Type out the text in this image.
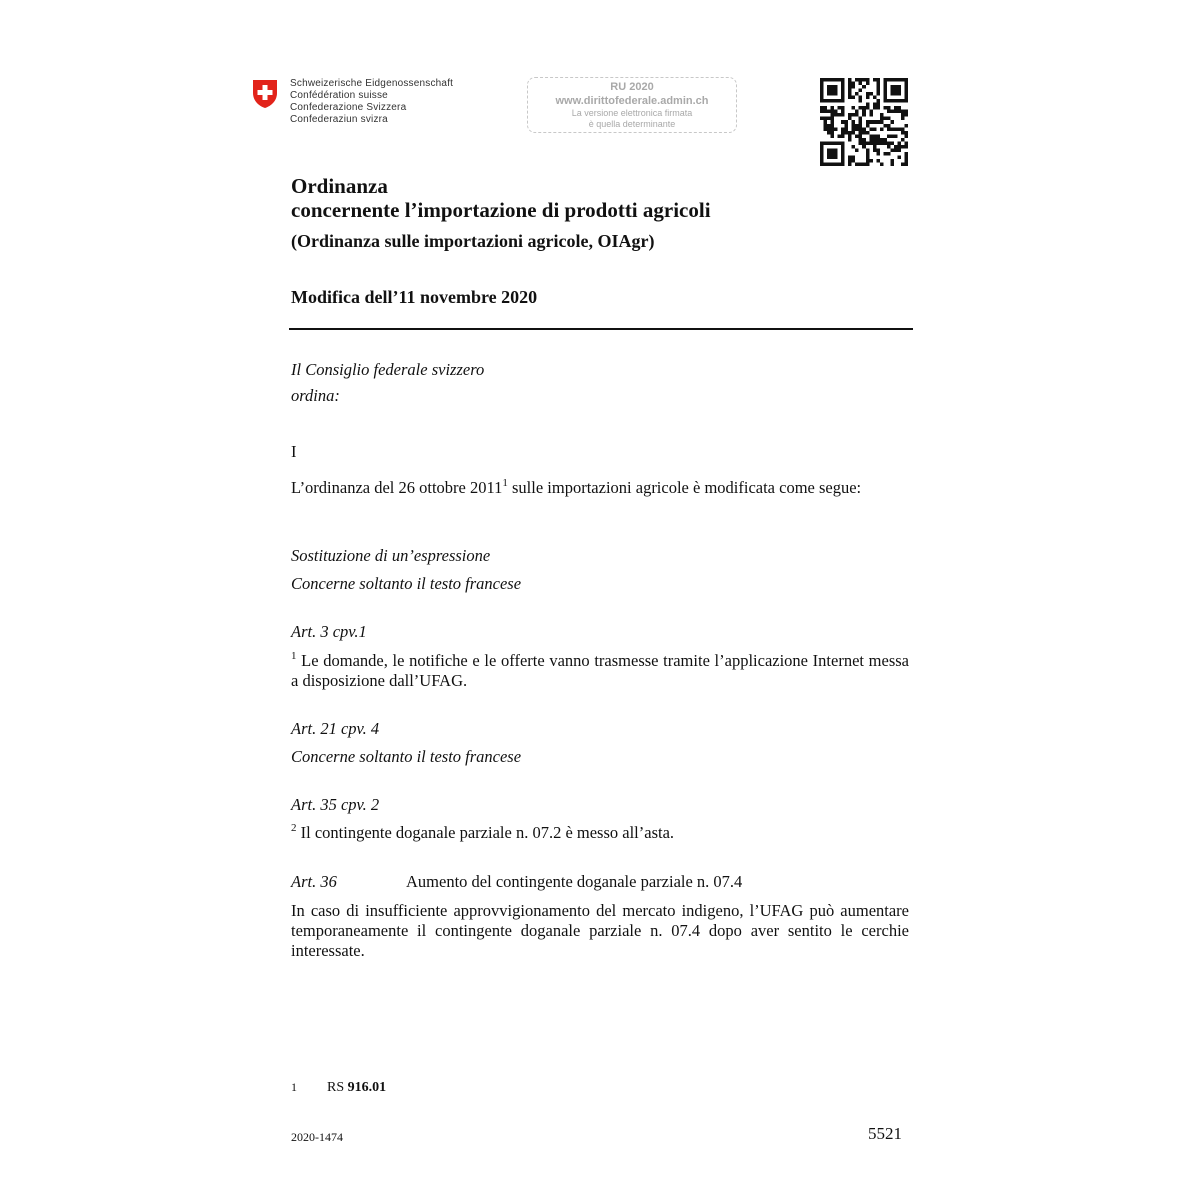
Schweizerische Eidgenossenschaft
Confédération suisse
Confederazione Svizzera
Confederaziun svizra
RU 2020
www.dirittofederale.admin.ch
La versione elettronica firmata
è quella determinante
Ordinanza
concernente l’importazione di prodotti agricoli
(Ordinanza sulle importazioni agricole, OIAgr)
Modifica dell’11 novembre 2020
Il Consiglio federale svizzero
ordina:
I
L’ordinanza del 26 ottobre 2011$^1$ sulle importazioni agricole è modificata come segue:
Sostituzione di un’espressione
Concerne soltanto il testo francese
Art. 3 cpv.1
$^1$ Le domande, le notifiche e le offerte vanno trasmesse tramite l’applicazione Internet messa a disposizione dall’UFAG.
Art. 21 cpv. 4
Concerne soltanto il testo francese
Art. 35 cpv. 2
$^2$ Il contingente doganale parziale n. 07.2 è messo all’asta.
Art. 36	Aumento del contingente doganale parziale n. 07.4
In caso di insufficiente approvvigionamento del mercato indigeno, l’UFAG può aumentare temporaneamente il contingente doganale parziale n. 07.4 dopo aver sentito le cerchie interessate.
1 RS 916.01
2020-1474	5521
